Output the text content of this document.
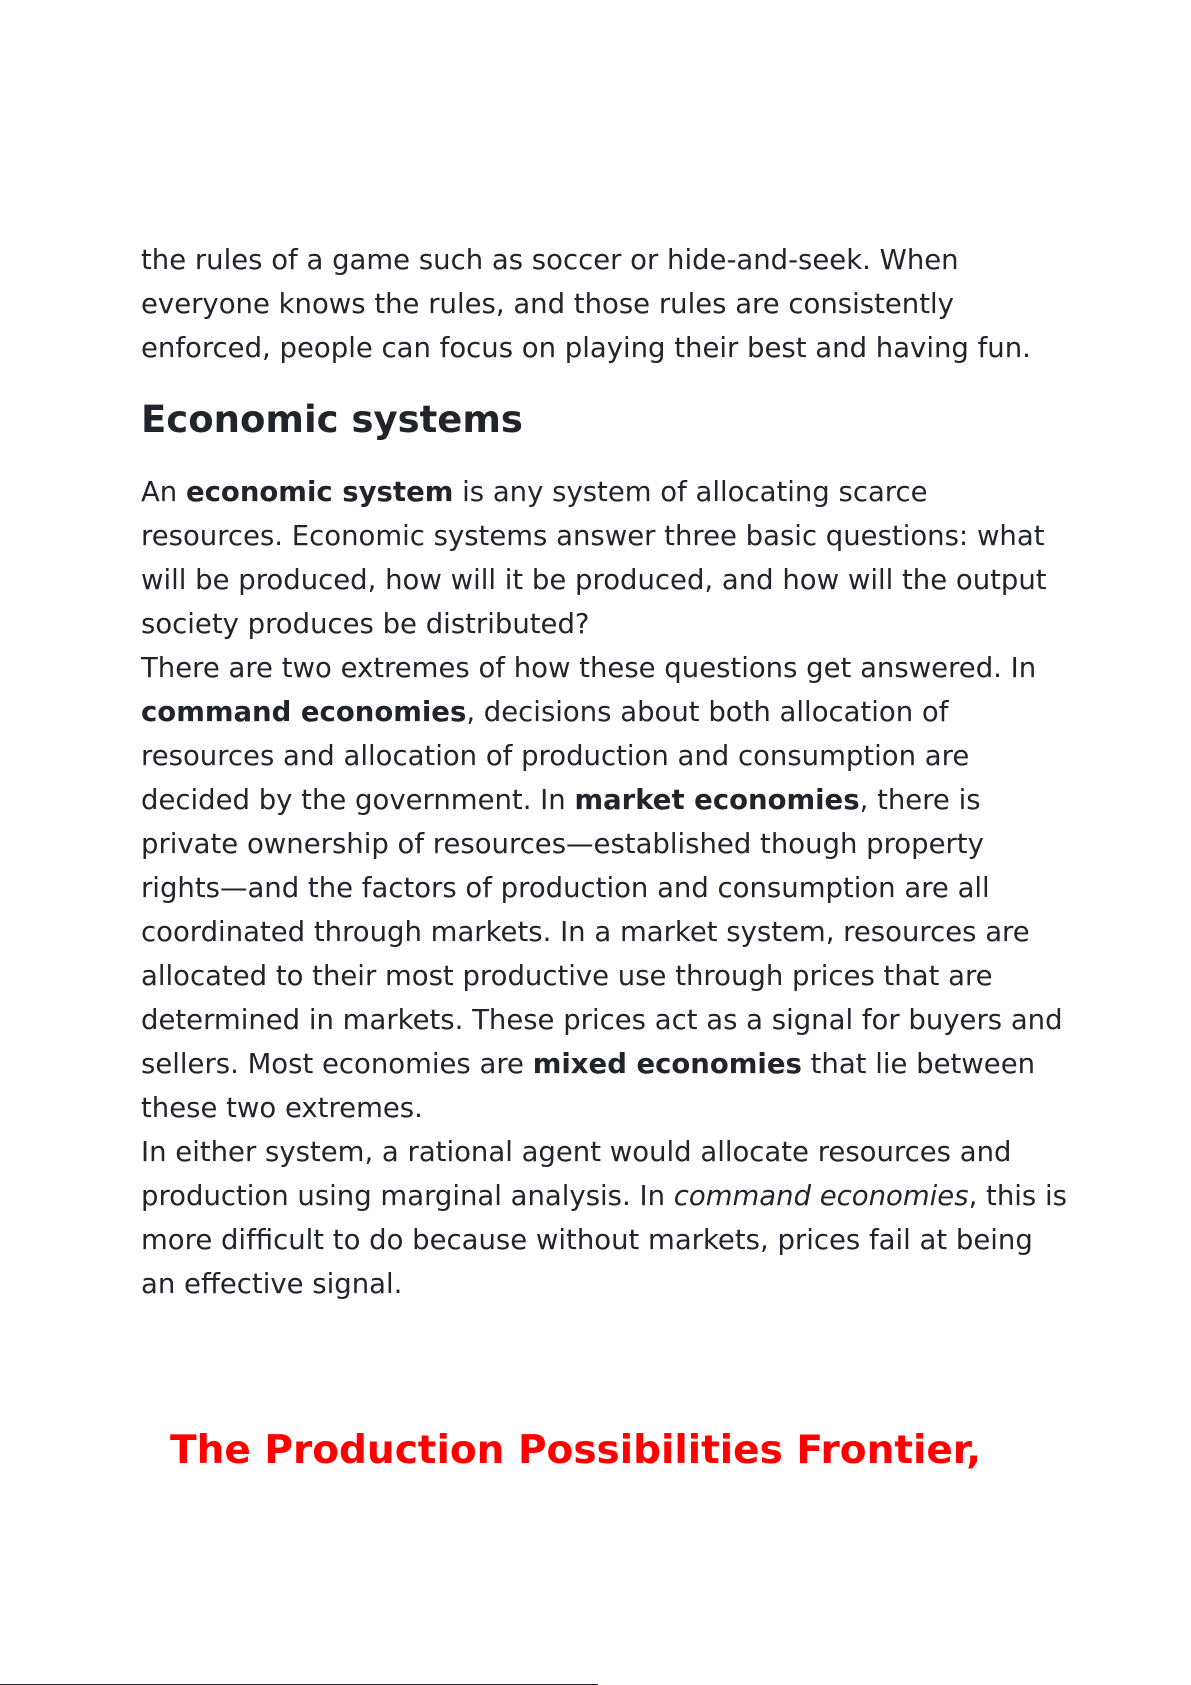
the rules of a game such as soccer or hide-and-seek. When everyone knows the rules, and those rules are consistently enforced, people can focus on playing their best and having fun.

Economic systems

An economic system is any system of allocating scarce resources. Economic systems answer three basic questions: what will be produced, how will it be produced, and how will the output society produces be distributed?

There are two extremes of how these questions get answered. In command economies, decisions about both allocation of resources and allocation of production and consumption are decided by the government. In market economies, there is private ownership of resources—established though property rights—and the factors of production and consumption are all coordinated through markets. In a market system, resources are allocated to their most productive use through prices that are determined in markets. These prices act as a signal for buyers and sellers. Most economies are mixed economies that lie between these two extremes.

In either system, a rational agent would allocate resources and production using marginal analysis. In command economies, this is more difﬁcult to do because without markets, prices fail at being an effective signal.

The Production Possibilities Frontier,
